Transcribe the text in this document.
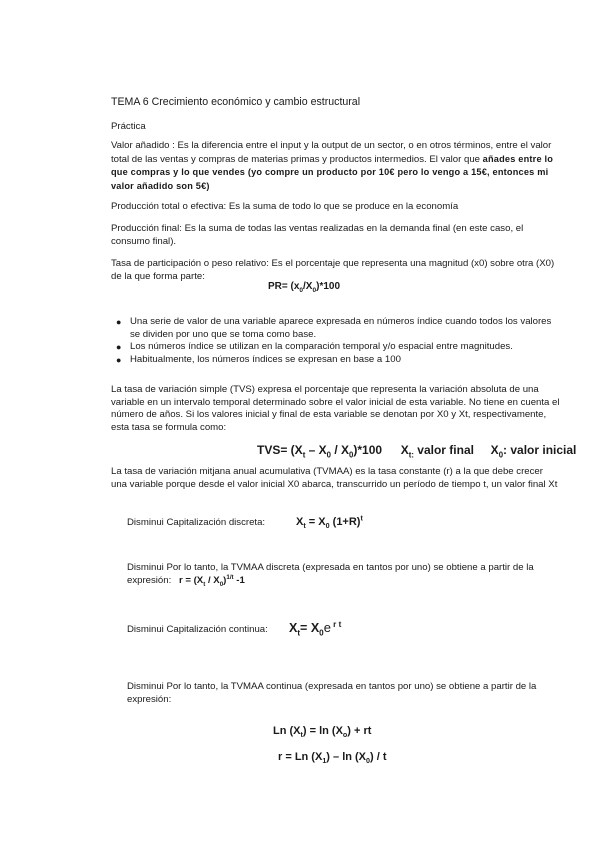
TEMA 6 Crecimiento económico y cambio estructural
Práctica
Valor añadido : Es la diferencia entre el input y la output de un sector, o en otros términos, entre el valor total de las ventas y compras de materias primas y productos intermedios. El valor que añades entre lo que compras y lo que vendes (yo compre un producto por 10€ pero lo vengo a 15€, entonces mi valor añadido son 5€)
Producción total o efectiva: Es la suma de todo lo que se produce en la economía
Producción final: Es la suma de todas las ventas realizadas en la demanda final (en este caso, el consumo final).
Tasa de participación o peso relativo: Es el porcentaje que representa una magnitud (x0) sobre otra (X0) de la que forma parte:
$PR= (x_0/X_0)*100$
● Una serie de valor de una variable aparece expresada en números índice cuando todos los valores se dividen por uno que se toma como base.
● Los números índice se utilizan en la comparación temporal y/o espacial entre magnitudes.
● Habitualmente, los números índices se expresan en base a 100
La tasa de variación simple (TVS) expresa el porcentaje que representa la variación absoluta de una variable en un intervalo temporal determinado sobre el valor inicial de esta variable. No tiene en cuenta el número de años. Si los valores inicial y final de esta variable se denotan por X0 y Xt, respectivamente, esta tasa se formula como:
$TVS= (X_t - X_0 / X_0)*100$ $X_{t:}$ valor final $X_0$: valor inicial
La tasa de variación mitjana anual acumulativa (TVMAA) es la tasa constante (r) a la que debe crecer una variable porque desde el valor inicial X0 abarca, transcurrido un período de tiempo t, un valor final Xt
Disminui Capitalización discreta:	$X_t = X_0$ $(1+R)^t$
Disminui Por lo tanto, la TVMAA discreta (expresada en tantos por uno) se obtiene a partir de la expresión: $r = (X_t / X_0)^{1/t}$ -1
Disminui Capitalización continua: $X_t= X_0e$ $^{r t}$
Disminui Por lo tanto, la TVMAA continua (expresada en tantos por uno) se obtiene a partir de la expresión:
Ln $(X_t) = \ln (X_o)$ + rt
r = Ln $(X_1)$ – $\ln (X_0)$ / t
